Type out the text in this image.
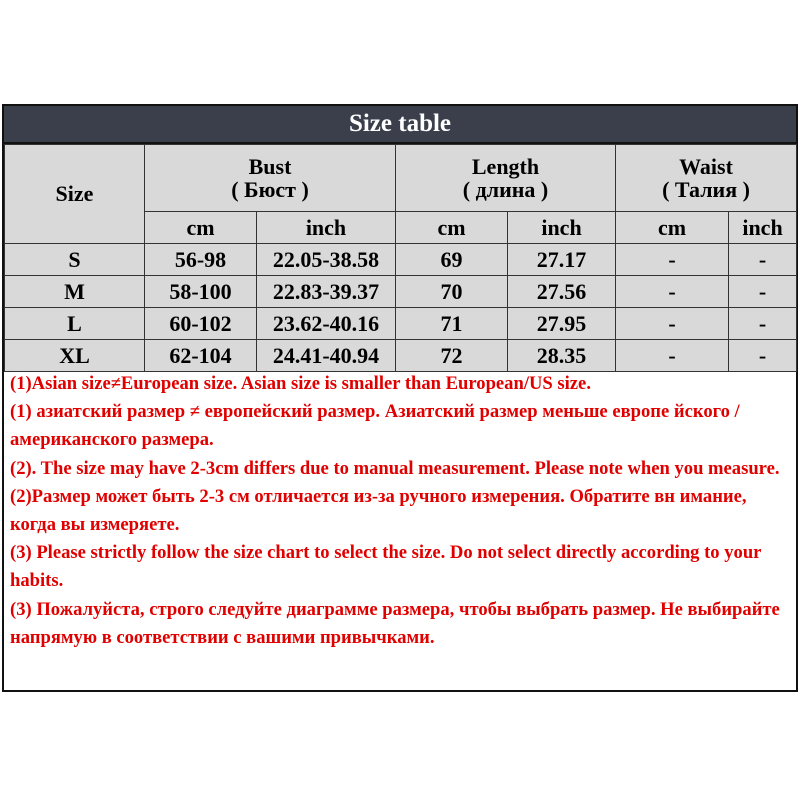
Size table
Size	Bust
( Бюст )		Length
( длина )		Waist
( Талия )	

	cm	inch	cm	inch	cm	inch
S	56-98	22.05-38.58	69	27.17	-	-
M	58-100	22.83-39.37	70	27.56	-	-
L	60-102	23.62-40.16	71	27.95	-	-
XL	62-104	24.41-40.94	72	28.35	-	-

(1)Asian size≠European size. Asian size is smaller than European/US size.

(1) азиатский размер ≠ европейский размер. Азиатский размер меньше европе йского / американского размера.

(2). The size may have 2-3cm differs due to manual measurement. Please note when you measure.

(2)Размер может быть 2-3 см отличается из-за ручного измерения. Обратите вн имание, когда вы измеряете.

(3) Please strictly follow the size chart to select the size. Do not select directly according to your habits.

(3) Пожалуйста, строго следуйте диаграмме размера, чтобы выбрать размер. Не выбирайте напрямую в соответствии с вашими привычками.
